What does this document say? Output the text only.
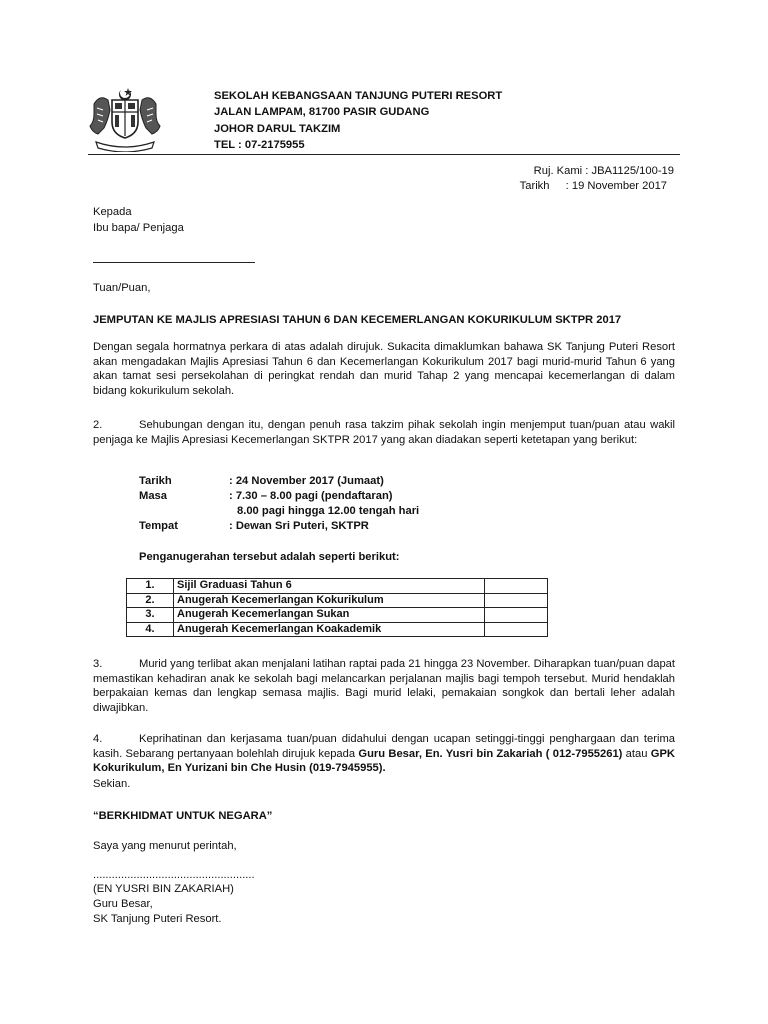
SEKOLAH KEBANGSAAN TANJUNG PUTERI RESORT
JALAN LAMPAM, 81700 PASIR GUDANG
JOHOR DARUL TAKZIM
TEL : 07-2175955
Ruj. Kami : JBA1125/100-19
Tarikh : 19 November 2017
Kepada
Ibu bapa/ Penjaga
Tuan/Puan,
JEMPUTAN KE MAJLIS APRESIASI TAHUN 6 DAN KECEMERLANGAN KOKURIKULUM SKTPR 2017
Dengan segala hormatnya perkara di atas adalah dirujuk. Sukacita dimaklumkan bahawa SK Tanjung Puteri Resort akan mengadakan Majlis Apresiasi Tahun 6 dan Kecemerlangan Kokurikulum 2017 bagi murid-murid Tahun 6 yang akan tamat sesi persekolahan di peringkat rendah dan murid Tahap 2 yang mencapai kecemerlangan di dalam bidang kokurikulum sekolah.
Sehubungan dengan itu, dengan penuh rasa takzim pihak sekolah ingin menjemput tuan/puan atau wakil penjaga ke Majlis Apresiasi Kecemerlangan SKTPR 2017 yang akan diadakan seperti ketetapan yang berikut:
2.
Tarikh	: 24 November 2017 (Jumaat)
Masa	: 7.30 – 8.00 pagi (pendaftaran)
8.00 pagi hingga 12.00 tengah hari
Tempat	: Dewan Sri Puteri, SKTPR
Penganugerahan tersebut adalah seperti berikut:
1.	Sijil Graduasi Tahun 6	
2.	Anugerah Kecemerlangan Kokurikulum	
3.	Anugerah Kecemerlangan Sukan	
4.	Anugerah Kecemerlangan Koakademik	
3.	Murid yang terlibat akan menjalani latihan raptai pada 21 hingga 23 November. Diharapkan tuan/puan dapat memastikan kehadiran anak ke sekolah bagi melancarkan perjalanan majlis bagi tempoh tersebut. Murid hendaklah berpakaian kemas dan lengkap semasa majlis. Bagi murid lelaki, pemakaian songkok dan bertali leher adalah diwajibkan.
4.	Keprihatinan dan kerjasama tuan/puan didahului dengan ucapan setinggi-tinggi penghargaan dan terima kasih. Sebarang pertanyaan bolehlah dirujuk kepada Guru Besar, En. Yusri bin Zakariah ( 012-7955261) atau GPK Kokurikulum, En Yurizani bin Che Husin (019-7945955).
Sekian.
“BERKHIDMAT UNTUK NEGARA”
Saya yang menurut perintah,
....................................................
(EN YUSRI BIN ZAKARIAH)
Guru Besar,
SK Tanjung Puteri Resort.
